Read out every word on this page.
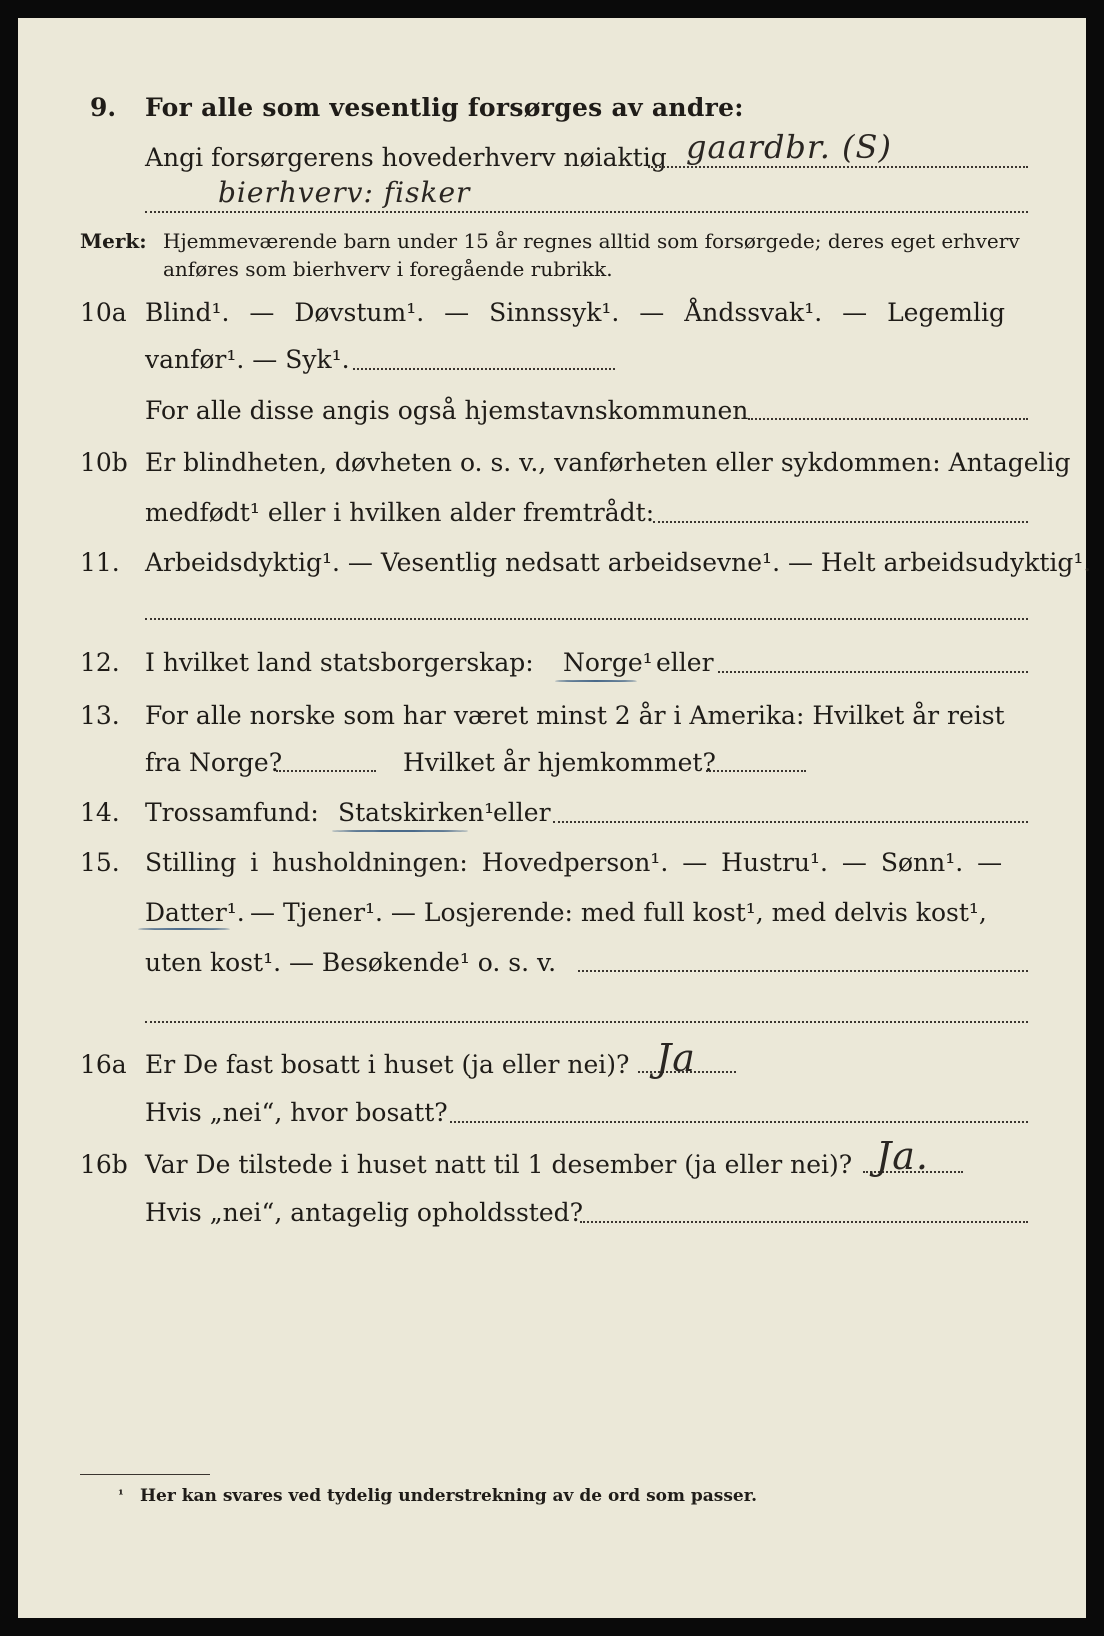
9. For alle som vesentlig forsørges av andre:
Angi forsørgerens hovederhverv nøiaktig gaardbr. (S)
bierhverv: fisker
Merk: Hjemmeværende barn under 15 år regnes alltid som forsørgede; deres eget erhverv
anføres som bierhverv i foregående rubrikk.
10a Blind¹. — Døvstum¹. — Sinnssyk¹. — Åndssvak¹. — Legemlig
vanfør¹. — Syk¹.
For alle disse angis også hjemstavnskommunen
10b Er blindheten, døvheten o. s. v., vanførheten eller sykdommen: Antagelig
medfødt¹ eller i hvilken alder fremtrådt:
11. Arbeidsdyktig¹. — Vesentlig nedsatt arbeidsevne¹. — Helt arbeidsudyktig¹.
12. I hvilket land statsborgerskap: Norge¹ eller
13. For alle norske som har været minst 2 år i Amerika: Hvilket år reist
fra Norge?	Hvilket år hjemkommet?
14. Trossamfund: Statskirken¹
eller
15. Stilling i husholdningen: Hovedperson¹. — Hustru¹. — Sønn¹. —
Datter¹. — Tjener¹. — Losjerende: med full kost¹, med delvis kost¹,
uten kost¹. — Besøkende¹ o. s. v.
16a Er De fast bosatt i huset (ja eller nei)? Ja
Hvis „nei“, hvor bosatt?
16b Var De tilstede i huset natt til 1 desember (ja eller nei)? Ja.
Hvis „nei“, antagelig opholdssted?
¹ Her kan svares ved tydelig understrekning av de ord som passer.
